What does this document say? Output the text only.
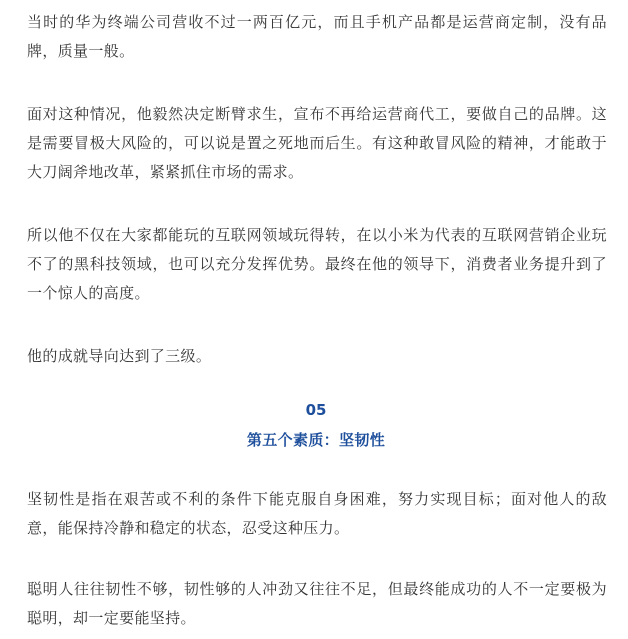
当时的华为终端公司营收不过一两百亿元，而且手机产品都是运营商定制，没有品牌，质量一般。

面对这种情况，他毅然决定断臂求生，宣布不再给运营商代工，要做自己的品牌。这是需要冒极大风险的，可以说是置之死地而后生。有这种敢冒风险的精神，才能敢于大刀阔斧地改革，紧紧抓住市场的需求。

所以他不仅在大家都能玩的互联网领域玩得转，在以小米为代表的互联网营销企业玩不了的黑科技领域，也可以充分发挥优势。最终在他的领导下，消费者业务提升到了一个惊人的高度。

他的成就导向达到了三级。

05
第五个素质：坚韧性

坚韧性是指在艰苦或不利的条件下能克服自身困难，努力实现目标；面对他人的敌意，能保持冷静和稳定的状态，忍受这种压力。

聪明人往往韧性不够，韧性够的人冲劲又往往不足，但最终能成功的人不一定要极为聪明，却一定要能坚持。
